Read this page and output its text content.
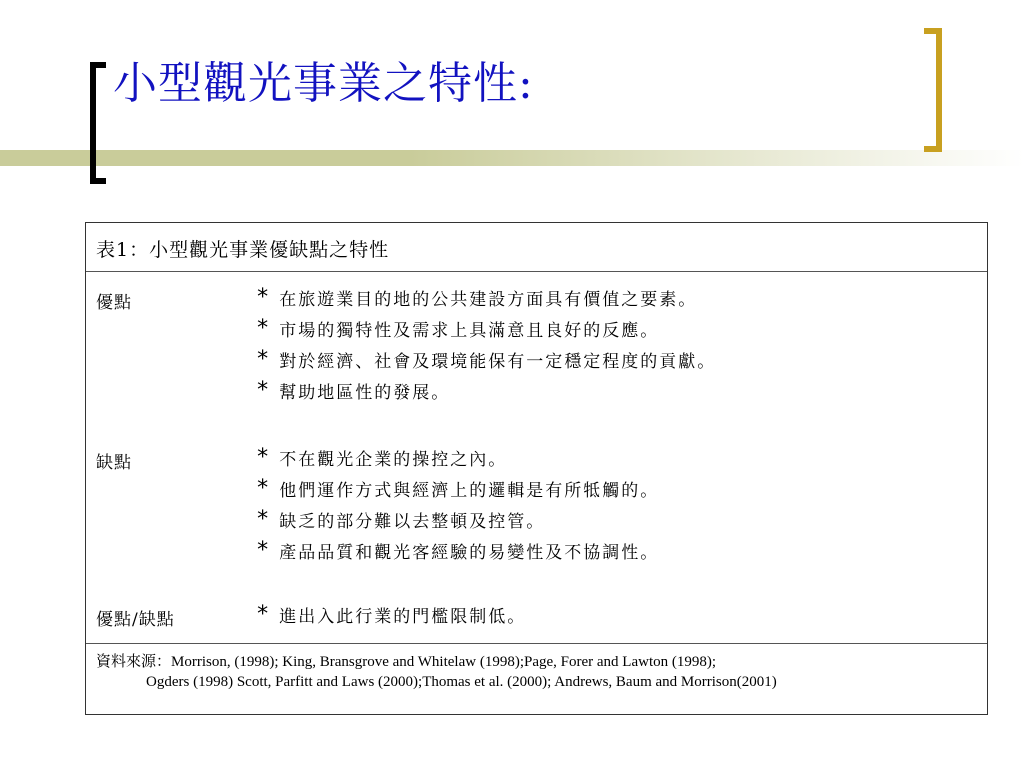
小型觀光事業之特性:
表1：小型觀光事業優缺點之特性
優點	* 在旅遊業目的地的公共建設方面具有價值之要素。
* 市場的獨特性及需求上具滿意且良好的反應。
* 對於經濟、社會及環境能保有一定穩定程度的貢獻。
* 幫助地區性的發展。
缺點	* 不在觀光企業的操控之內。
* 他們運作方式與經濟上的邏輯是有所牴觸的。
* 缺乏的部分難以去整頓及控管。
* 產品品質和觀光客經驗的易變性及不協調性。
優點/缺點	* 進出入此行業的門檻限制低。
資料來源：Morrison, (1998); King, Bransgrove and Whitelaw (1998);Page, Forer and Lawton (1998);
Ogders (1998) Scott, Parfitt and Laws (2000);Thomas et al. (2000); Andrews, Baum and Morrison(2001)
